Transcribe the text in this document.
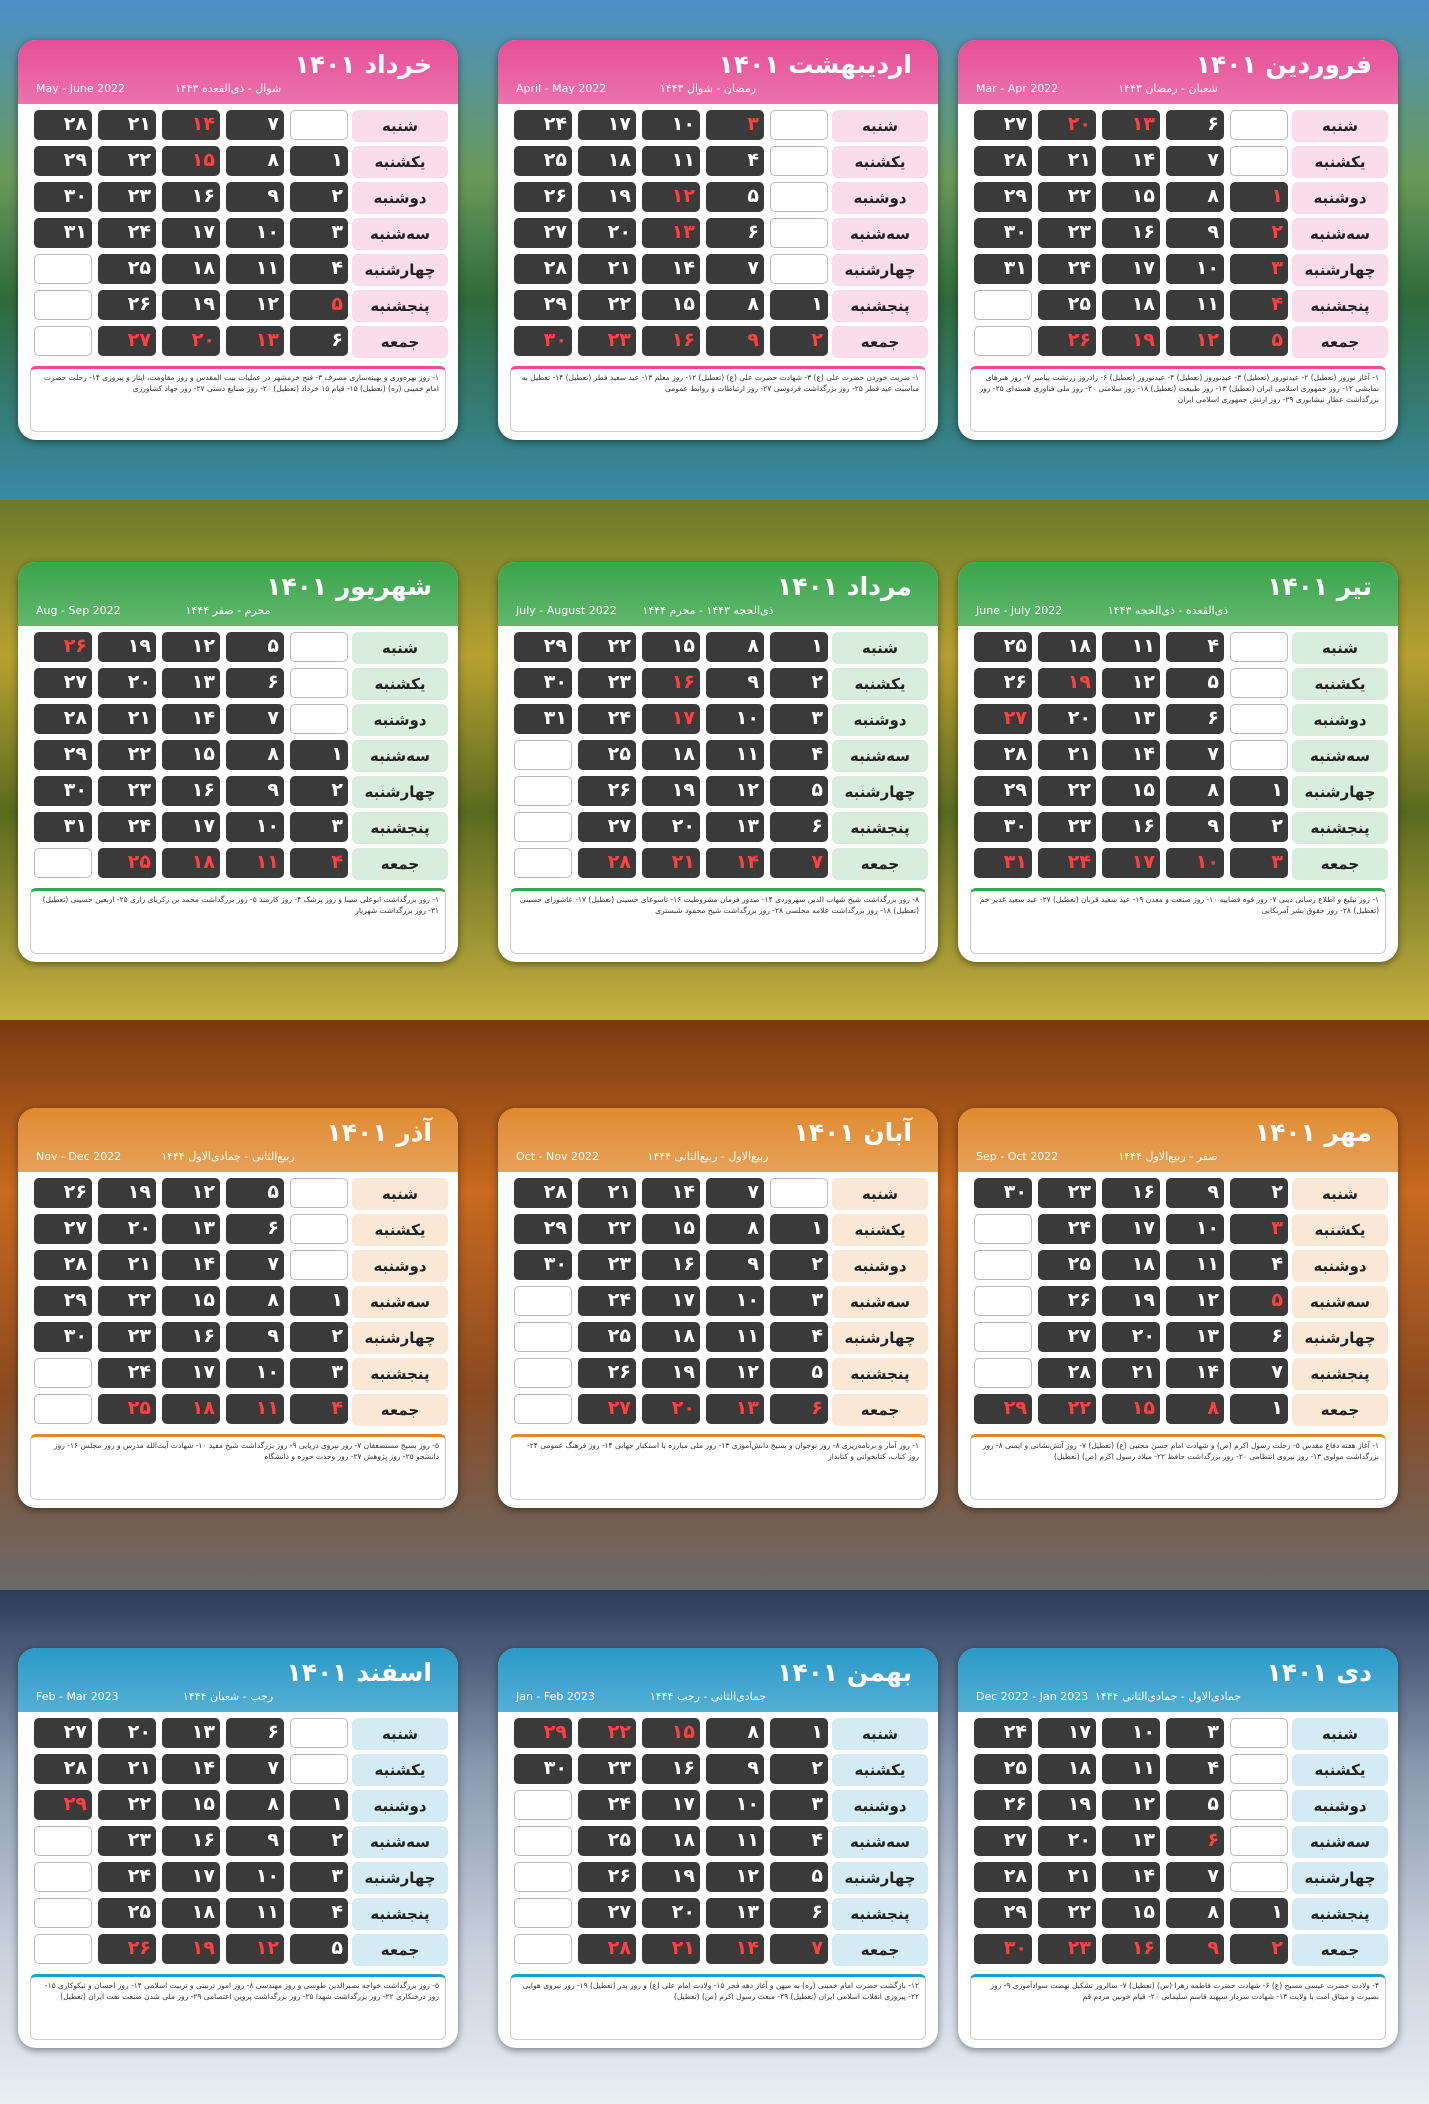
فروردین ۱۴۰۱
شعبان - رمضان ۱۴۴۳
Mar - Apr 2022
شنبه
یکشنبه
دوشنبه
سه‌شنبه
چهارشنبه
پنجشنبه
جمعه
۶
۱۳
۲۰
۲۷
۷
۱۴
۲۱
۲۸
۱
۸
۱۵
۲۲
۲۹
۲
۹
۱۶
۲۳
۳۰
۳
۱۰
۱۷
۲۴
۳۱
۴
۱۱
۱۸
۲۵
۵
۱۲
۱۹
۲۶
۱- آغاز نوروز (تعطیل) ۲- عیدنوروز (تعطیل) ۳- عیدنوروز (تعطیل) ۴- عیدنوروز (تعطیل) ۶- زادروز زرتشت پیامبر ۷- روز هنرهای نمایشی ۱۲- روز جمهوری اسلامی ایران (تعطیل) ۱۳- روز طبیعت (تعطیل) ۱۸- روز سلامتی ۲۰- روز ملی فناوری هسته‌ای ۲۵- روز بزرگداشت عطار نیشابوری ۲۹- روز ارتش جمهوری اسلامی ایران
اردیبهشت ۱۴۰۱
رمضان - شوال ۱۴۴۳
April - May 2022
شنبه
یکشنبه
دوشنبه
سه‌شنبه
چهارشنبه
پنجشنبه
جمعه
۳
۱۰
۱۷
۲۴
۴
۱۱
۱۸
۲۵
۵
۱۲
۱۹
۲۶
۶
۱۳
۲۰
۲۷
۷
۱۴
۲۱
۲۸
۱
۸
۱۵
۲۲
۲۹
۲
۹
۱۶
۲۳
۳۰
۱- ضربت خوردن حضرت علی (ع) ۳- شهادت حضرت علی (ع) (تعطیل) ۱۲- روز معلم ۱۳- عید سعید فطر (تعطیل) ۱۴- تعطیل به مناسبت عید فطر ۲۵- روز بزرگداشت فردوسی ۲۷- روز ارتباطات و روابط عمومی
خرداد ۱۴۰۱
شوال - ذی‌القعده ۱۴۴۳
May - June 2022
شنبه
یکشنبه
دوشنبه
سه‌شنبه
چهارشنبه
پنجشنبه
جمعه
۷
۱۴
۲۱
۲۸
۱
۸
۱۵
۲۲
۲۹
۲
۹
۱۶
۲۳
۳۰
۳
۱۰
۱۷
۲۴
۳۱
۴
۱۱
۱۸
۲۵
۵
۱۲
۱۹
۲۶
۶
۱۳
۲۰
۲۷
۱- روز بهره‌وری و بهینه‌سازی مصرف ۳- فتح خرمشهر در عملیات بیت المقدس و روز مقاومت، ایثار و پیروزی ۱۴- رحلت حضرت امام خمینی (ره) (تعطیل) ۱۵- قیام ۱۵ خرداد (تعطیل) ۲۰- روز صنایع دستی ۲۷- روز جهاد کشاورزی
تیر ۱۴۰۱
ذی‌القعده - ذی‌الحجه ۱۴۴۳
June - July 2022
شنبه
یکشنبه
دوشنبه
سه‌شنبه
چهارشنبه
پنجشنبه
جمعه
۴
۱۱
۱۸
۲۵
۵
۱۲
۱۹
۲۶
۶
۱۳
۲۰
۲۷
۷
۱۴
۲۱
۲۸
۱
۸
۱۵
۲۲
۲۹
۲
۹
۱۶
۲۳
۳۰
۳
۱۰
۱۷
۲۴
۳۱
۱- روز تبلیغ و اطلاع رسانی دینی ۷- روز قوه قضاییه ۱۰- روز صنعت و معدن ۱۹- عید سعید قربان (تعطیل) ۲۷- عید سعید غدیر خم (تعطیل) ۲۸- روز حقوق بشر آمریکایی
مرداد ۱۴۰۱
ذی‌الحجه ۱۴۴۳ - محرم ۱۴۴۴
July - August 2022
شنبه
یکشنبه
دوشنبه
سه‌شنبه
چهارشنبه
پنجشنبه
جمعه
۱
۸
۱۵
۲۲
۲۹
۲
۹
۱۶
۲۳
۳۰
۳
۱۰
۱۷
۲۴
۳۱
۴
۱۱
۱۸
۲۵
۵
۱۲
۱۹
۲۶
۶
۱۳
۲۰
۲۷
۷
۱۴
۲۱
۲۸
۸- روز بزرگداشت شیخ شهاب الدین سهروردی ۱۴- صدور فرمان مشروطیت ۱۶- تاسوعای حسینی (تعطیل) ۱۷- عاشورای حسینی (تعطیل) ۱۸- روز بزرگداشت علامه مجلسی ۲۸- روز بزرگداشت شیخ محمود شبستری
شهریور ۱۴۰۱
محرم - صفر ۱۴۴۴
Aug - Sep 2022
شنبه
یکشنبه
دوشنبه
سه‌شنبه
چهارشنبه
پنجشنبه
جمعه
۵
۱۲
۱۹
۲۶
۶
۱۳
۲۰
۲۷
۷
۱۴
۲۱
۲۸
۱
۸
۱۵
۲۲
۲۹
۲
۹
۱۶
۲۳
۳۰
۳
۱۰
۱۷
۲۴
۳۱
۴
۱۱
۱۸
۲۵
۱- روز بزرگداشت ابوعلی سینا و روز پزشک ۴- روز کارمند ۵- روز بزرگداشت محمد بن زکریای رازی ۲۵- اربعین حسینی (تعطیل) ۳۱- روز بزرگداشت شهریار
مهر ۱۴۰۱
صفر - ربیع‌الاول ۱۴۴۴
Sep - Oct 2022
شنبه
یکشنبه
دوشنبه
سه‌شنبه
چهارشنبه
پنجشنبه
جمعه
۲
۹
۱۶
۲۳
۳۰
۳
۱۰
۱۷
۲۴
۴
۱۱
۱۸
۲۵
۵
۱۲
۱۹
۲۶
۶
۱۳
۲۰
۲۷
۷
۱۴
۲۱
۲۸
۱
۸
۱۵
۲۲
۲۹
۱- آغاز هفته دفاع مقدس ۵- رحلت رسول اکرم (ص) و شهادت امام حسن مجتبی (ع) (تعطیل) ۷- روز آتش‌نشانی و ایمنی ۸- روز بزرگداشت مولوی ۱۳- روز نیروی انتظامی ۲۰- روز بزرگداشت حافظ ۲۲- میلاد رسول اکرم (ص) (تعطیل)
آبان ۱۴۰۱
ربیع‌الاول - ربیع‌الثانی ۱۴۴۴
Oct - Nov 2022
شنبه
یکشنبه
دوشنبه
سه‌شنبه
چهارشنبه
پنجشنبه
جمعه
۷
۱۴
۲۱
۲۸
۱
۸
۱۵
۲۲
۲۹
۲
۹
۱۶
۲۳
۳۰
۳
۱۰
۱۷
۲۴
۴
۱۱
۱۸
۲۵
۵
۱۲
۱۹
۲۶
۶
۱۳
۲۰
۲۷
۱- روز آمار و برنامه‌ریزی ۸- روز نوجوان و بسیج دانش‌آموزی ۱۳- روز ملی مبارزه با استکبار جهانی ۱۴- روز فرهنگ عمومی ۲۴- روز کتاب، کتابخوانی و کتابدار
آذر ۱۴۰۱
ربیع‌الثانی - جمادی‌الاول ۱۴۴۴
Nov - Dec 2022
شنبه
یکشنبه
دوشنبه
سه‌شنبه
چهارشنبه
پنجشنبه
جمعه
۵
۱۲
۱۹
۲۶
۶
۱۳
۲۰
۲۷
۷
۱۴
۲۱
۲۸
۱
۸
۱۵
۲۲
۲۹
۲
۹
۱۶
۲۳
۳۰
۳
۱۰
۱۷
۲۴
۴
۱۱
۱۸
۲۵
۵- روز بسیج مستضعفان ۷- روز نیروی دریایی ۹- روز بزرگداشت شیخ مفید ۱۰- شهادت آیت‌الله مدرس و روز مجلس ۱۶- روز دانشجو ۲۵- روز پژوهش ۲۷- روز وحدت حوزه و دانشگاه
دی ۱۴۰۱
جمادی‌الاول - جمادی‌الثانی ۱۴۴۴
Dec 2022 - Jan 2023
شنبه
یکشنبه
دوشنبه
سه‌شنبه
چهارشنبه
پنجشنبه
جمعه
۳
۱۰
۱۷
۲۴
۴
۱۱
۱۸
۲۵
۵
۱۲
۱۹
۲۶
۶
۱۳
۲۰
۲۷
۷
۱۴
۲۱
۲۸
۱
۸
۱۵
۲۲
۲۹
۲
۹
۱۶
۲۳
۳۰
۴- ولادت حضرت عیسی مسیح (ع) ۶- شهادت حضرت فاطمه زهرا (س) (تعطیل) ۷- سالروز تشکیل نهضت سوادآموزی ۹- روز بصیرت و میثاق امت با ولایت ۱۳- شهادت سردار سپهبد قاسم سلیمانی ۲۰- قیام خونین مردم قم
بهمن ۱۴۰۱
جمادی‌الثانی - رجب ۱۴۴۴
Jan - Feb 2023
شنبه
یکشنبه
دوشنبه
سه‌شنبه
چهارشنبه
پنجشنبه
جمعه
۱
۸
۱۵
۲۲
۲۹
۲
۹
۱۶
۲۳
۳۰
۳
۱۰
۱۷
۲۴
۴
۱۱
۱۸
۲۵
۵
۱۲
۱۹
۲۶
۶
۱۳
۲۰
۲۷
۷
۱۴
۲۱
۲۸
۱۲- بازگشت حضرت امام خمینی (ره) به میهن و آغاز دهه فجر ۱۵- ولادت امام علی (ع) و روز پدر (تعطیل) ۱۹- روز نیروی هوایی ۲۲- پیروزی انقلاب اسلامی ایران (تعطیل) ۲۹- مبعث رسول اکرم (ص) (تعطیل)
اسفند ۱۴۰۱
رجب - شعبان ۱۴۴۴
Feb - Mar 2023
شنبه
یکشنبه
دوشنبه
سه‌شنبه
چهارشنبه
پنجشنبه
جمعه
۶
۱۳
۲۰
۲۷
۷
۱۴
۲۱
۲۸
۱
۸
۱۵
۲۲
۲۹
۲
۹
۱۶
۲۳
۳
۱۰
۱۷
۲۴
۴
۱۱
۱۸
۲۵
۵
۱۲
۱۹
۲۶
۵- روز بزرگداشت خواجه نصیرالدین طوسی و روز مهندسی ۸- روز امور تربیتی و تربیت اسلامی ۱۴- روز احسان و نیکوکاری ۱۵- روز درختکاری ۲۲- روز بزرگداشت شهدا ۲۵- روز بزرگداشت پروین اعتصامی ۲۹- روز ملی شدن صنعت نفت ایران (تعطیل)
